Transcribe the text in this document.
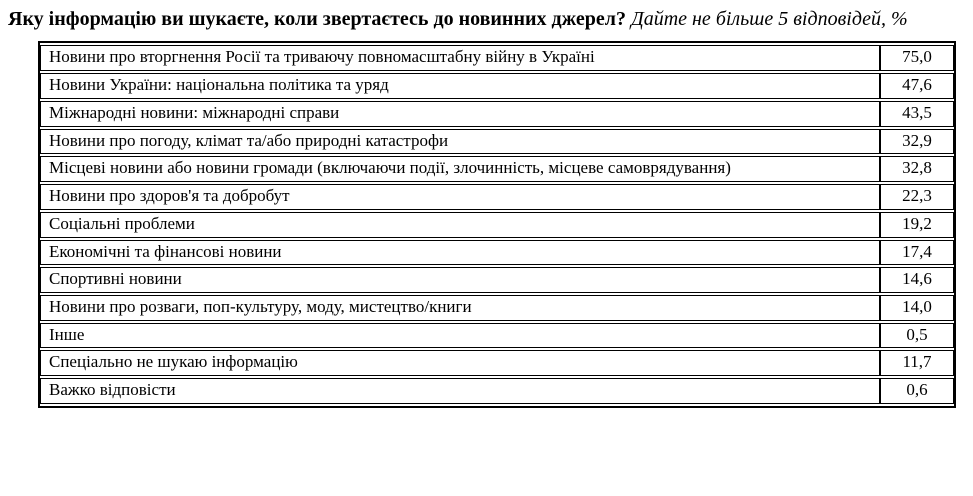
Яку інформацію ви шукаєте, коли звертаєтесь до новинних джерел? Дайте не більше 5 відповідей, %
Новини про вторгнення Росії та триваючу повномасштабну війну в Україні	75,0
Новини України: національна політика та уряд	47,6
Міжнародні новини: міжнародні справи	43,5
Новини про погоду, клімат та/або природні катастрофи	32,9
Місцеві новини або новини громади (включаючи події, злочинність, місцеве самоврядування)	32,8
Новини про здоров'я та добробут	22,3
Соціальні проблеми	19,2
Економічні та фінансові новини	17,4
Спортивні новини	14,6
Новини про розваги, поп-культуру, моду, мистецтво/книги	14,0
Інше	0,5
Спеціально не шукаю інформацію	11,7
Важко відповісти	0,6
